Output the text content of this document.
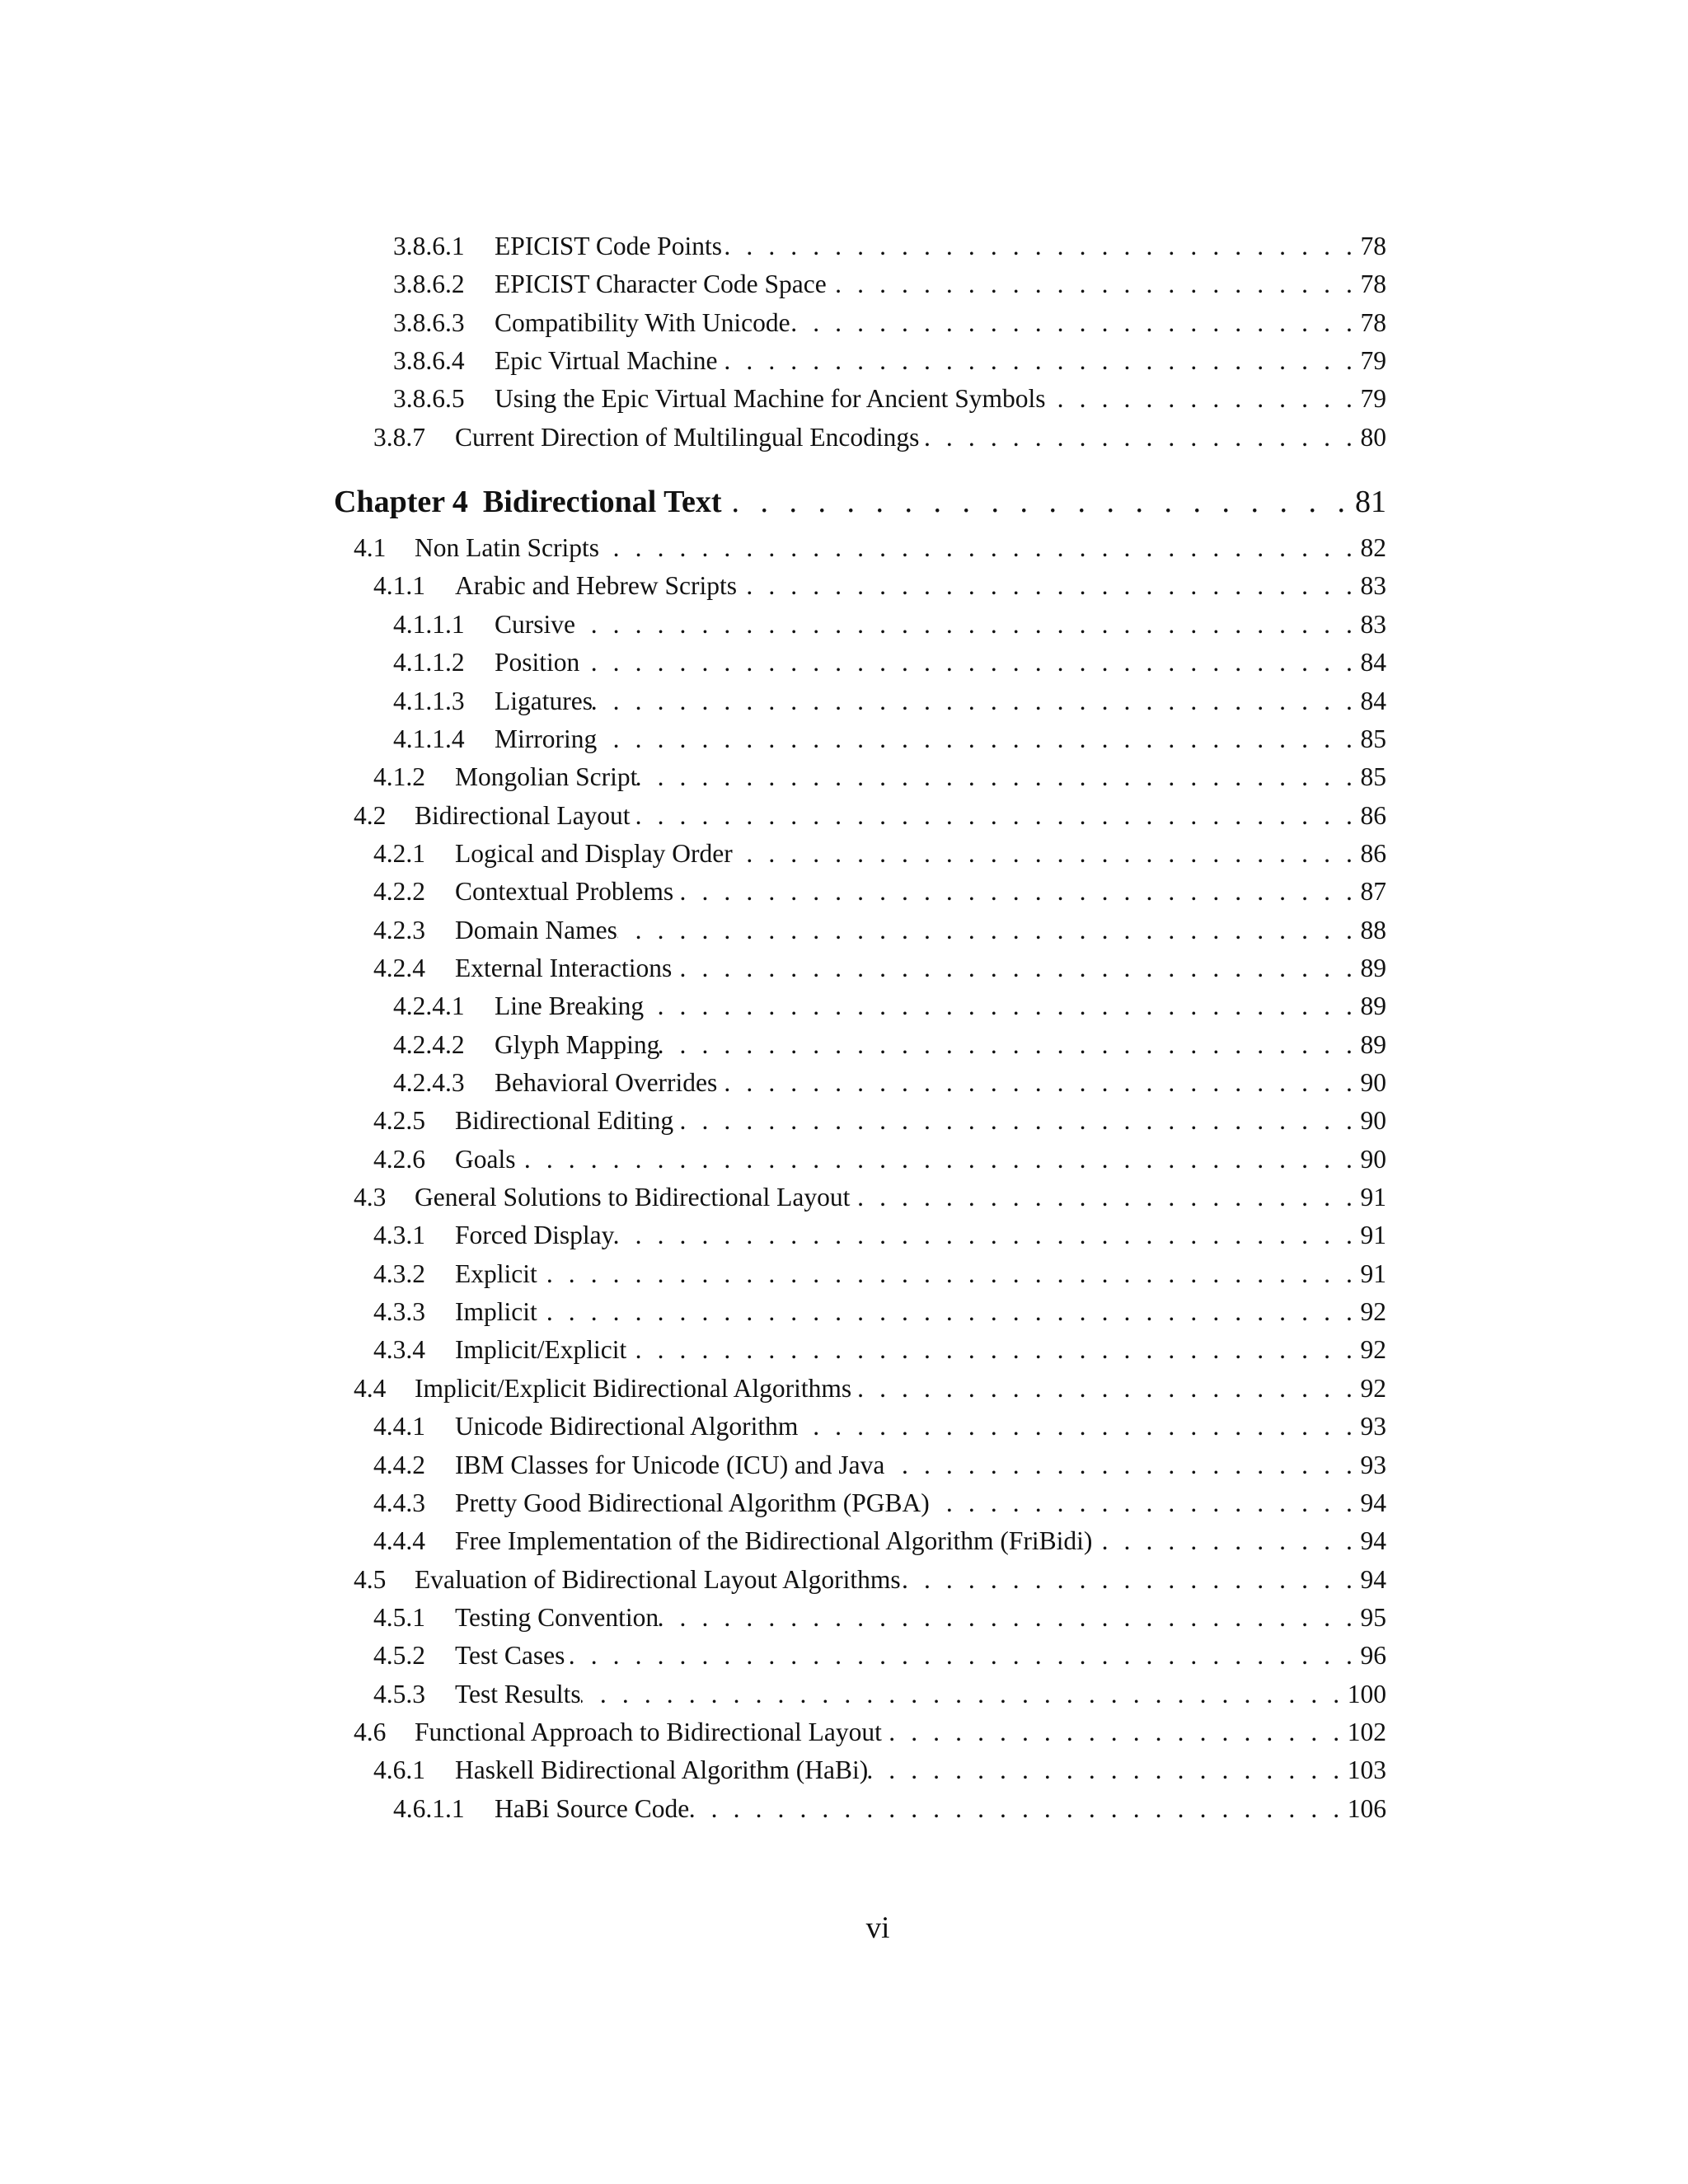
3.8.6.1	EPICIST Code Points . . .	78
3.8.6.2	EPICIST Character Code Space . . .	78
3.8.6.3	Compatibility With Unicode . . .	78
3.8.6.4	Epic Virtual Machine . . .	79
3.8.6.5	Using the Epic Virtual Machine for Ancient Symbols . . .	79
3.8.7	Current Direction of Multilingual Encodings . . .	80
Chapter 4 Bidirectional Text . . .	81
4.1	Non Latin Scripts . . .	82
4.1.1	Arabic and Hebrew Scripts . . .	83
4.1.1.1	Cursive . . .	83
4.1.1.2	Position . . .	84
4.1.1.3	Ligatures . . .	84
4.1.1.4	Mirroring . . .	85
4.1.2	Mongolian Script . . .	85
4.2	Bidirectional Layout . . .	86
4.2.1	Logical and Display Order . . .	86
4.2.2	Contextual Problems . . .	87
4.2.3	Domain Names . . .	88
4.2.4	External Interactions . . .	89
4.2.4.1	Line Breaking . . .	89
4.2.4.2	Glyph Mapping . . .	89
4.2.4.3	Behavioral Overrides . . .	90
4.2.5	Bidirectional Editing . . .	90
4.2.6	Goals . . .	90
4.3	General Solutions to Bidirectional Layout . . .	91
4.3.1	Forced Display . . .	91
4.3.2	Explicit . . .	91
4.3.3	Implicit . . .	92
4.3.4	Implicit/Explicit . . .	92
4.4	Implicit/Explicit Bidirectional Algorithms . . .	92
4.4.1	Unicode Bidirectional Algorithm . . .	93
4.4.2	IBM Classes for Unicode (ICU) and Java . . .	93
4.4.3	Pretty Good Bidirectional Algorithm (PGBA) . . .	94
4.4.4	Free Implementation of the Bidirectional Algorithm (FriBidi) . . .	94
4.5	Evaluation of Bidirectional Layout Algorithms . . .	94
4.5.1	Testing Convention . . .	95
4.5.2	Test Cases . . .	96
4.5.3	Test Results . . .	100
4.6	Functional Approach to Bidirectional Layout . . .	102
4.6.1	Haskell Bidirectional Algorithm (HaBi) . . .	103
4.6.1.1	HaBi Source Code . . .	106
vi
